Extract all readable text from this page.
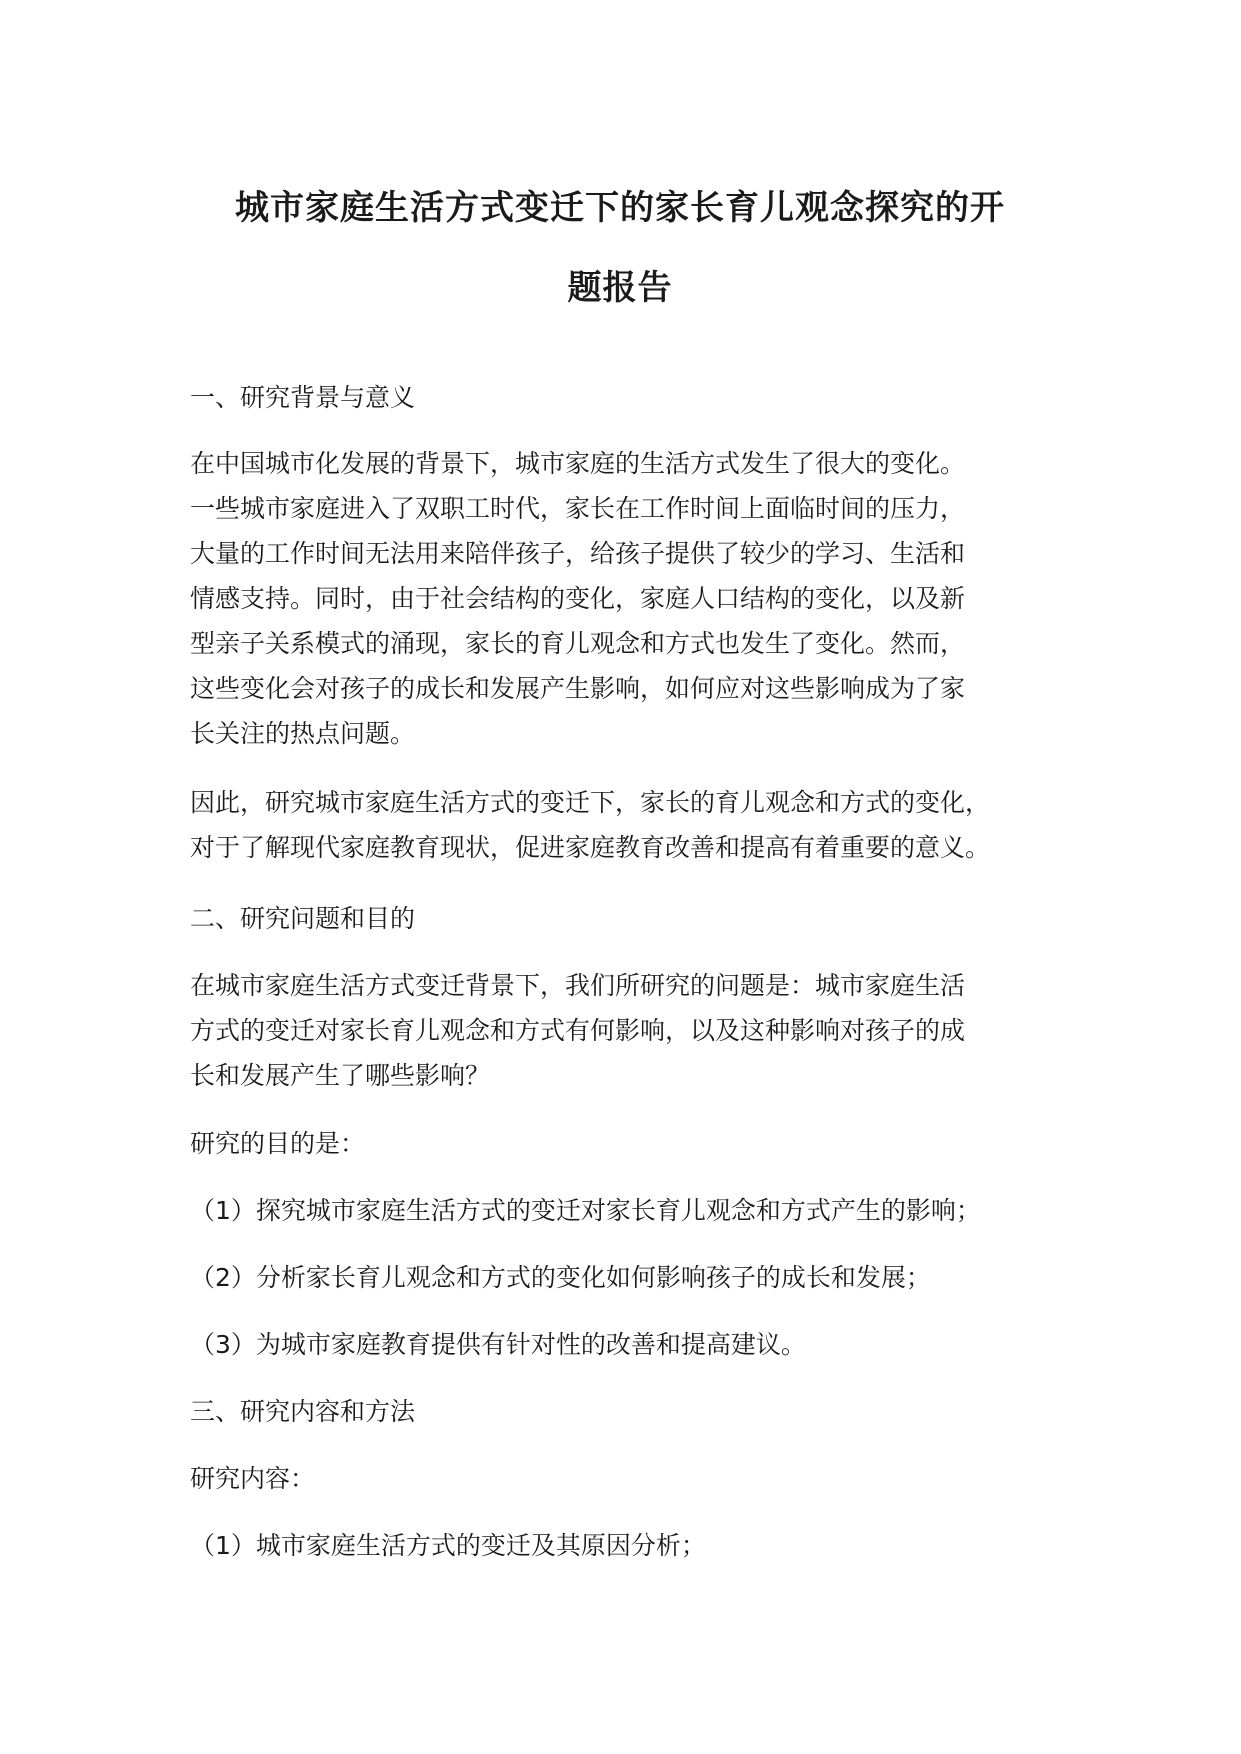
城市家庭生活方式变迁下的家长育儿观念探究的开
题报告
一、研究背景与意义
在中国城市化发展的背景下，城市家庭的生活方式发生了很大的变化。
一些城市家庭进入了双职工时代，家长在工作时间上面临时间的压力，
大量的工作时间无法用来陪伴孩子，给孩子提供了较少的学习、生活和
情感支持。同时，由于社会结构的变化，家庭人口结构的变化，以及新
型亲子关系模式的涌现，家长的育儿观念和方式也发生了变化。然而，
这些变化会对孩子的成长和发展产生影响，如何应对这些影响成为了家
长关注的热点问题。
因此，研究城市家庭生活方式的变迁下，家长的育儿观念和方式的变化，
对于了解现代家庭教育现状，促进家庭教育改善和提高有着重要的意义。
二、研究问题和目的
在城市家庭生活方式变迁背景下，我们所研究的问题是：城市家庭生活
方式的变迁对家长育儿观念和方式有何影响，以及这种影响对孩子的成
长和发展产生了哪些影响？
研究的目的是：
（1）探究城市家庭生活方式的变迁对家长育儿观念和方式产生的影响；
（2）分析家长育儿观念和方式的变化如何影响孩子的成长和发展；
（3）为城市家庭教育提供有针对性的改善和提高建议。
三、研究内容和方法
研究内容：
（1）城市家庭生活方式的变迁及其原因分析；
